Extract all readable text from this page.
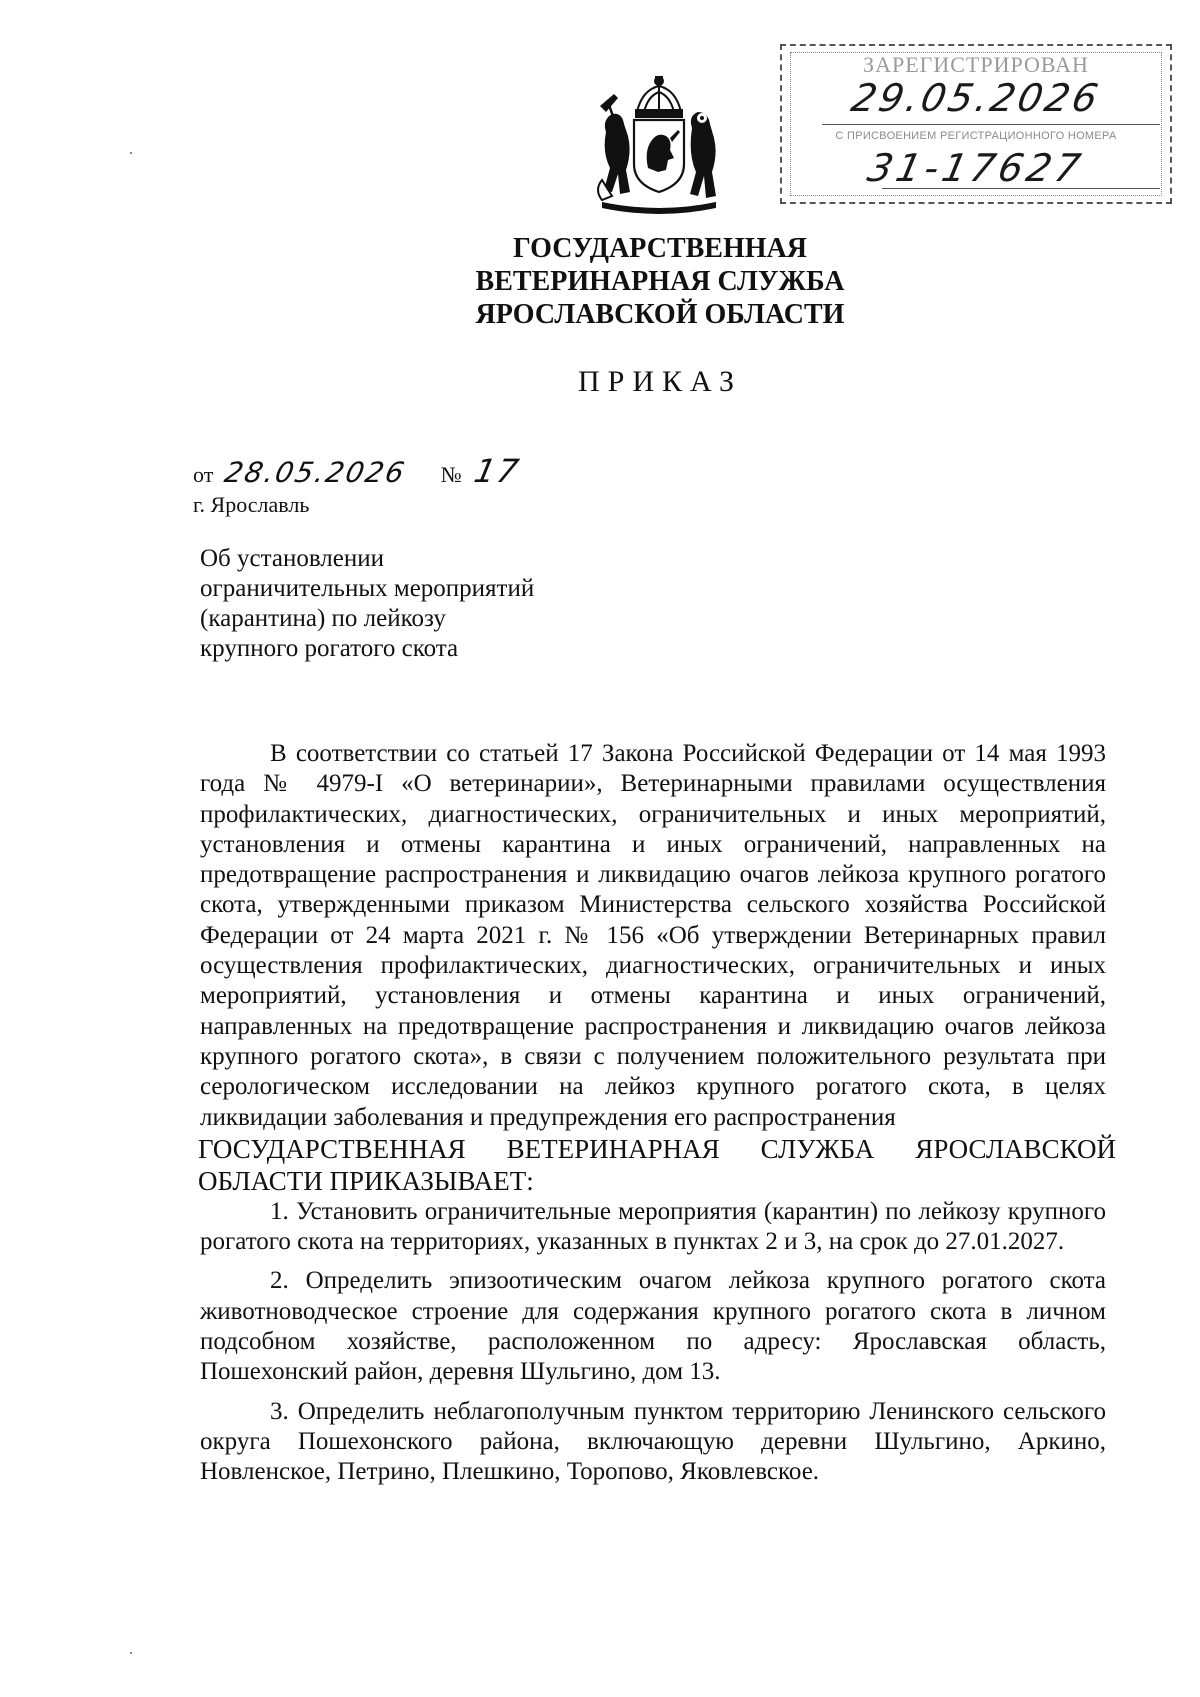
ЗАРЕГИСТРИРОВАН
29.05.2026
С ПРИСВОЕНИЕМ РЕГИСТРАЦИОННОГО НОМЕРА
31-17627
ГОСУДАРСТВЕННАЯ
ВЕТЕРИНАРНАЯ СЛУЖБА
ЯРОСЛАВСКОЙ ОБЛАСТИ
ПРИКАЗ
от 28.05.2026 № 17
г. Ярославль
Об установлении
ограничительных мероприятий
(карантина) по лейкозу
крупного рогатого скота

В соответствии со статьей 17 Закона Российской Федерации от 14 мая 1993 года № 4979-I «О ветеринарии», Ветеринарными правилами осуществления профилактических, диагностических, ограничительных и иных мероприятий, установления и отмены карантина и иных ограничений, направленных на предотвращение распространения и ликвидацию очагов лейкоза крупного рогатого скота, утвержденными приказом Министерства сельского хозяйства Российской Федерации от 24 марта 2021 г. № 156 «Об утверждении Ветеринарных правил осуществления профилактических, диагностических, ограничительных и иных мероприятий, установления и отмены карантина и иных ограничений, направленных на предотвращение распространения и ликвидацию очагов лейкоза крупного рогатого скота», в связи с получением положительного результата при серологическом исследовании на лейкоз крупного рогатого скота, в целях ликвидации заболевания и предупреждения его распространения

ГОСУДАРСТВЕННАЯ ВЕТЕРИНАРНАЯ СЛУЖБА ЯРОСЛАВСКОЙ ОБЛАСТИ ПРИКАЗЫВАЕТ:

1. Установить ограничительные мероприятия (карантин) по лейкозу крупного рогатого скота на территориях, указанных в пунктах 2 и 3, на срок до 27.01.2027.

2. Определить эпизоотическим очагом лейкоза крупного рогатого скота животноводческое строение для содержания крупного рогатого скота в личном подсобном хозяйстве, расположенном по адресу: Ярославская область, Пошехонский район, деревня Шульгино, дом 13.

3. Определить неблагополучным пунктом территорию Ленинского сельского округа Пошехонского района, включающую деревни Шульгино, Аркино, Новленское, Петрино, Плешкино, Торопово, Яковлевское.
